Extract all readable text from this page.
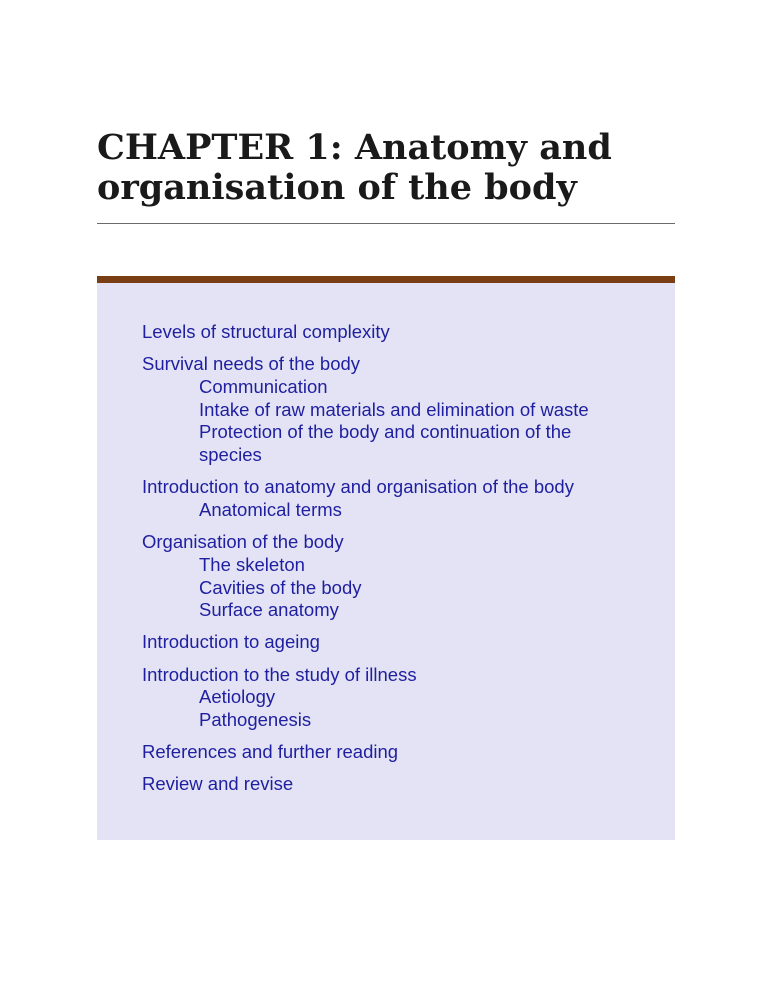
CHAPTER 1: Anatomy and organisation of the body
Levels of structural complexity
Survival needs of the body
Communication
Intake of raw materials and elimination of waste
Protection of the body and continuation of the species
Introduction to anatomy and organisation of the body
Anatomical terms
Organisation of the body
The skeleton
Cavities of the body
Surface anatomy
Introduction to ageing
Introduction to the study of illness
Aetiology
Pathogenesis
References and further reading
Review and revise
